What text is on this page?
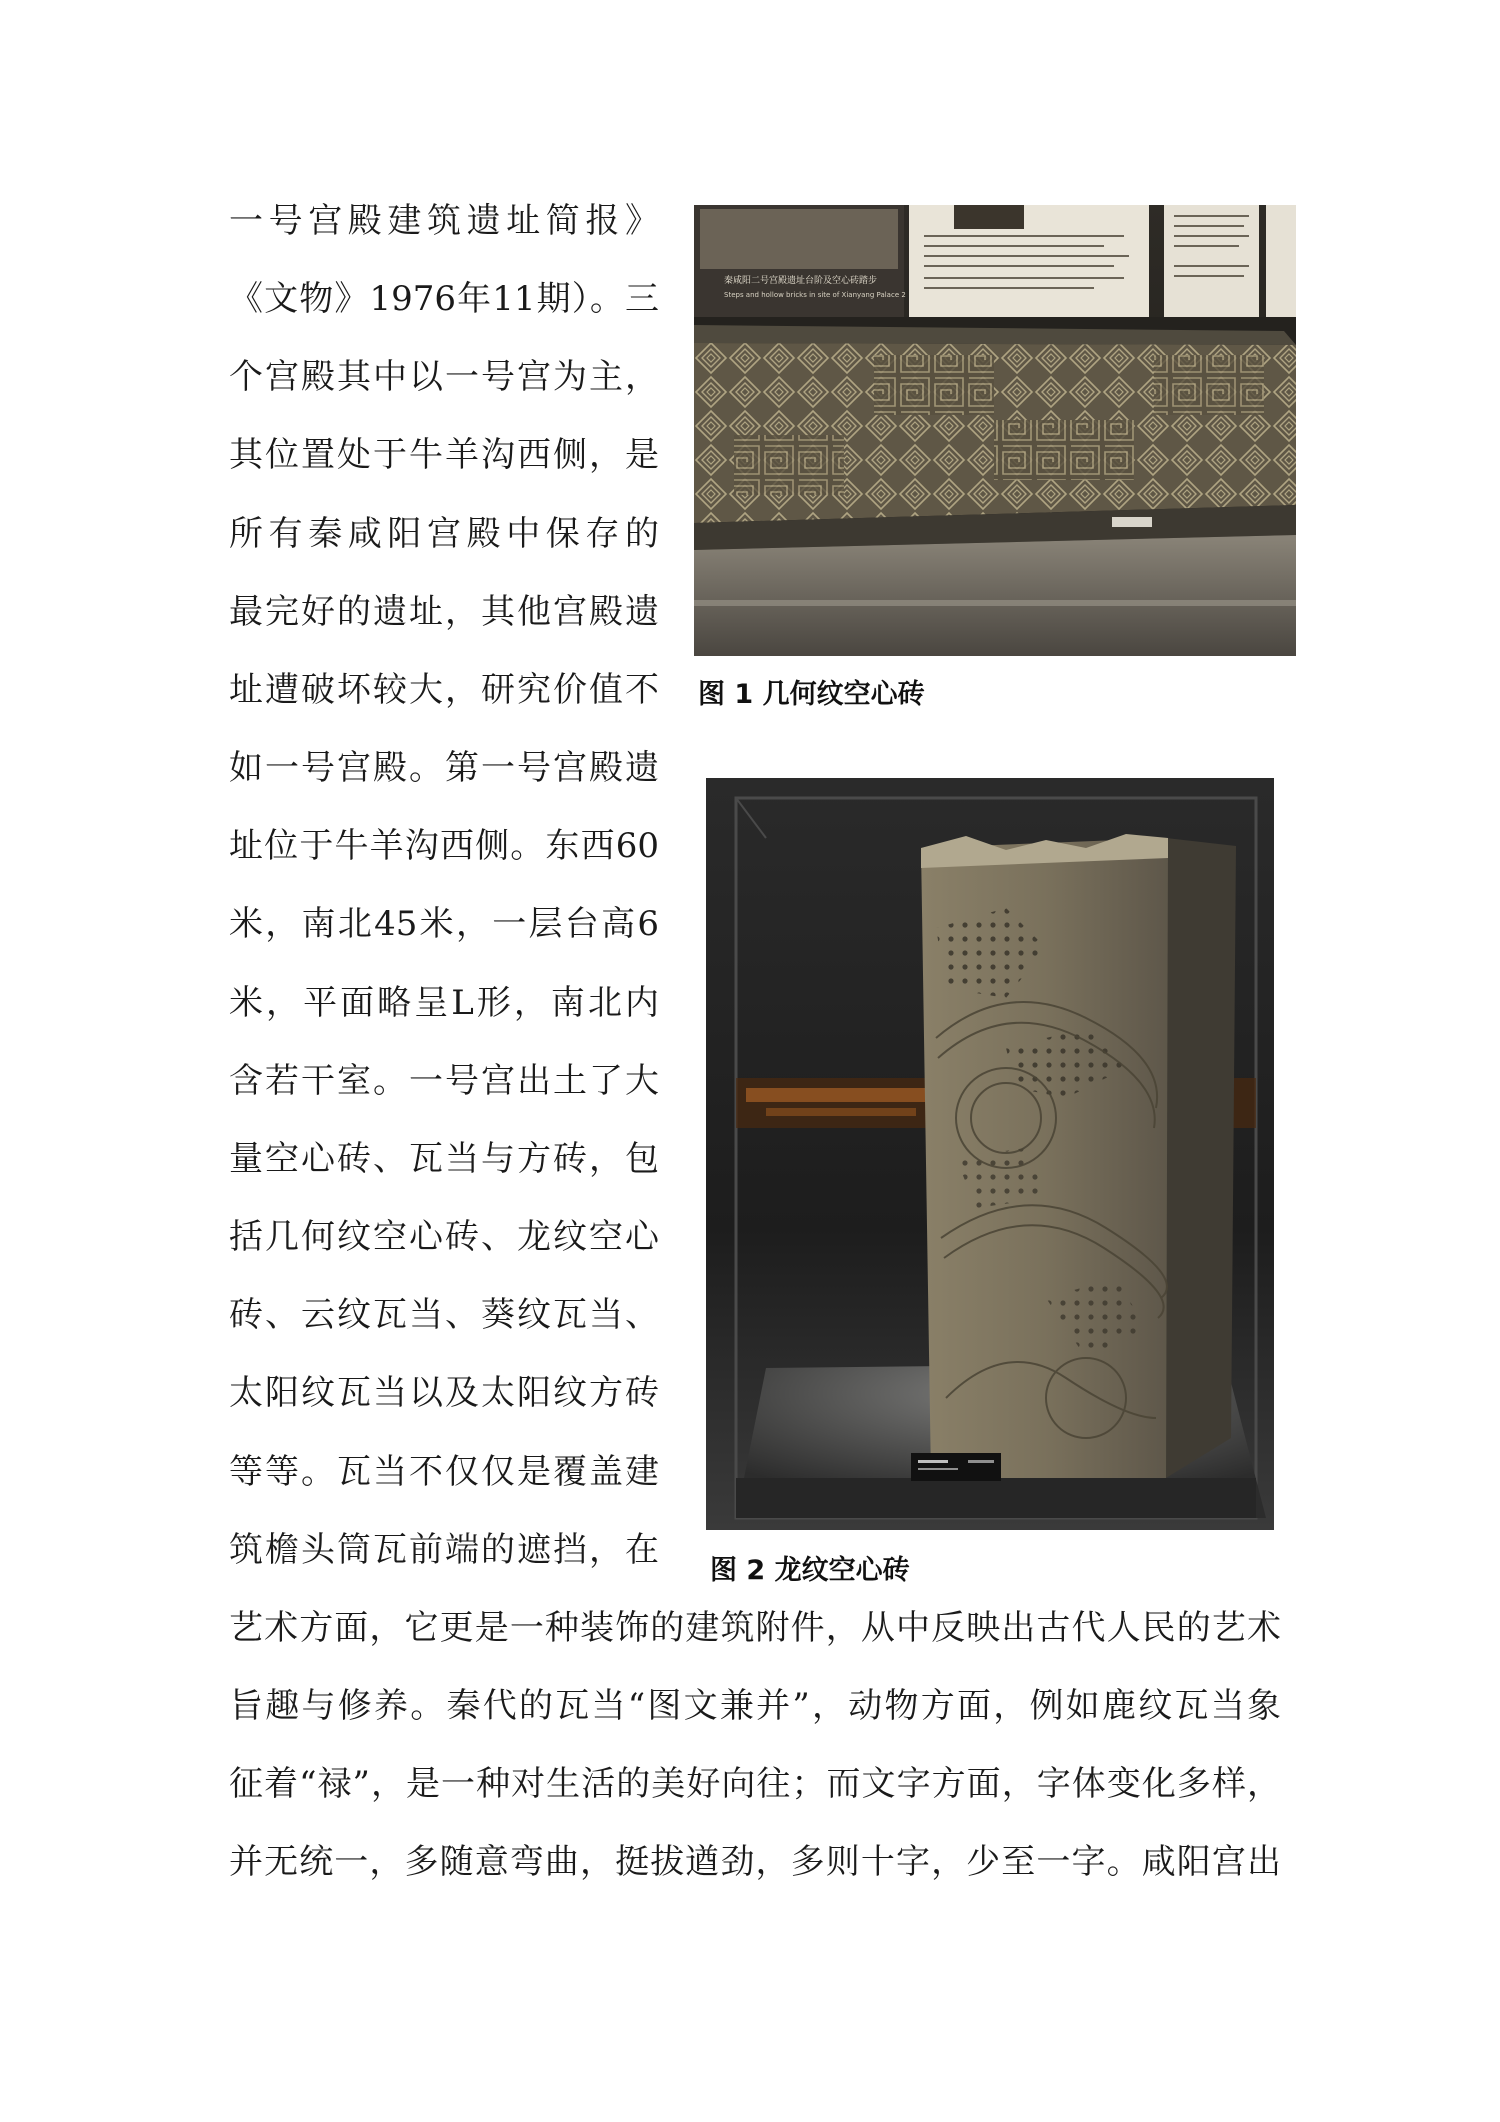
一号宫殿建筑遗址简报》
《文物》1976年11期）。三
个宫殿其中以一号宫为主，
其位置处于牛羊沟西侧，是
所有秦咸阳宫殿中保存的
最完好的遗址，其他宫殿遗
址遭破坏较大，研究价值不
如一号宫殿。第一号宫殿遗
址位于牛羊沟西侧。东西60
米，南北45米，一层台高6
米，平面略呈L形，南北内
含若干室。一号宫出土了大
量空心砖、瓦当与方砖，包
括几何纹空心砖、龙纹空心
砖、云纹瓦当、葵纹瓦当、
太阳纹瓦当以及太阳纹方砖
等等。瓦当不仅仅是覆盖建
筑檐头筒瓦前端的遮挡，在
艺术方面，它更是一种装饰的建筑附件，从中反映出古代人民的艺术
旨趣与修养。秦代的瓦当“图文兼并”，动物方面，例如鹿纹瓦当象
征着“禄”，是一种对生活的美好向往；而文字方面，字体变化多样，
并无统一，多随意弯曲，挺拔遒劲，多则十字，少至一字。咸阳宫出
秦咸阳二号宫殿遗址台阶及空心砖踏步
Steps and hollow bricks in site of Xianyang Palace 2
图 1 几何纹空心砖
图 2 龙纹空心砖
